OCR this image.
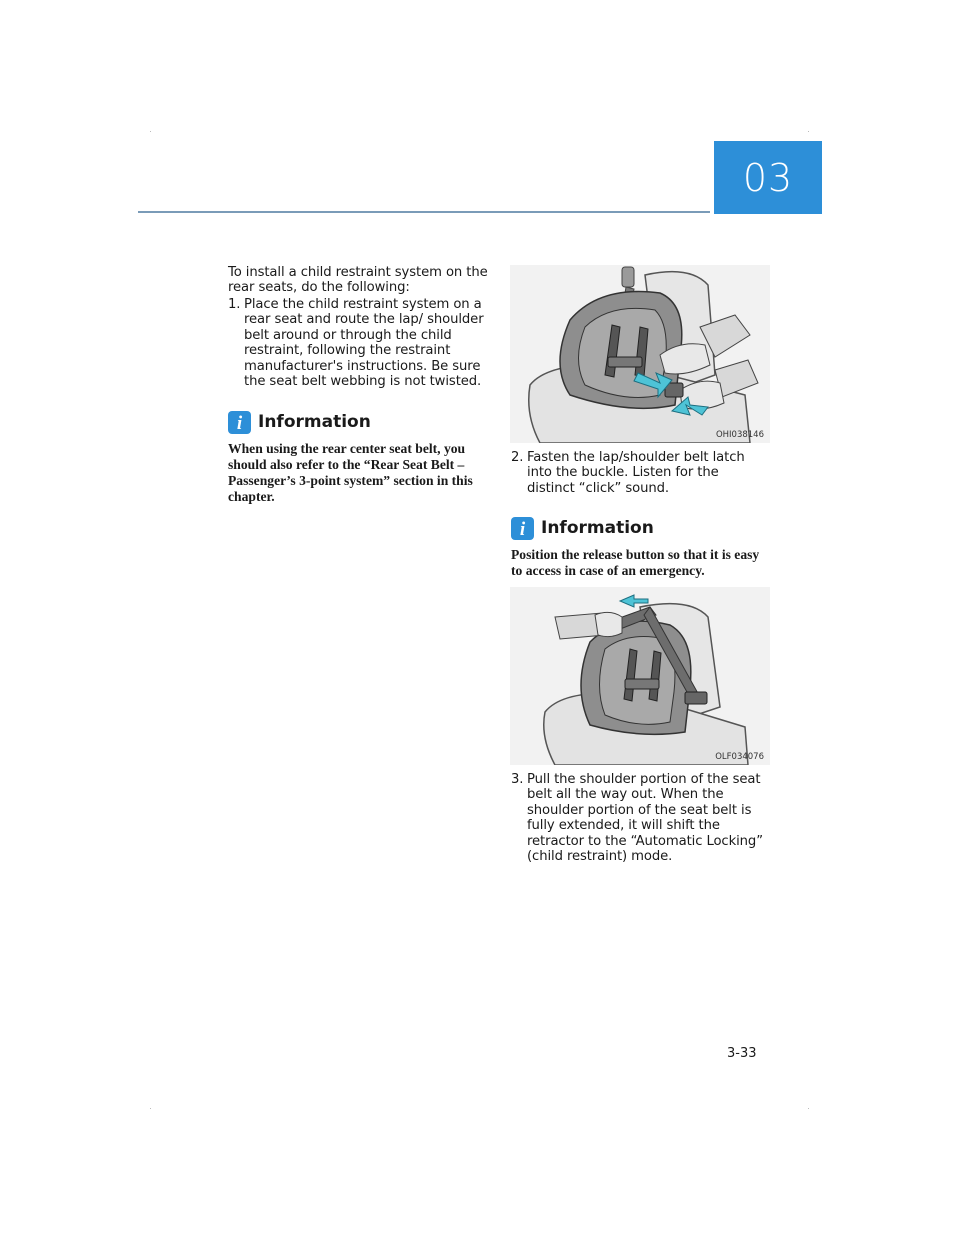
03

To install a child restraint system on the rear seats, do the following:

1. Place the child restraint system on a rear seat and route the lap/ shoulder belt around or through the child restraint, following the restraint manufacturer's instructions. Be sure the seat belt webbing is not twisted.
i Information

When using the rear center seat belt, you should also refer to the “Rear Seat Belt – Passenger’s 3-point system” section in this chapter.

OHI038146
2. Fasten the lap/shoulder belt latch into the buckle. Listen for the distinct “click” sound.
i Information

Position the release button so that it is easy to access in case of an emergency.

OLF034076
3. Pull the shoulder portion of the seat belt all the way out. When the shoulder portion of the seat belt is fully extended, it will shift the retractor to the “Automatic Locking” (child restraint) mode.
3-33
